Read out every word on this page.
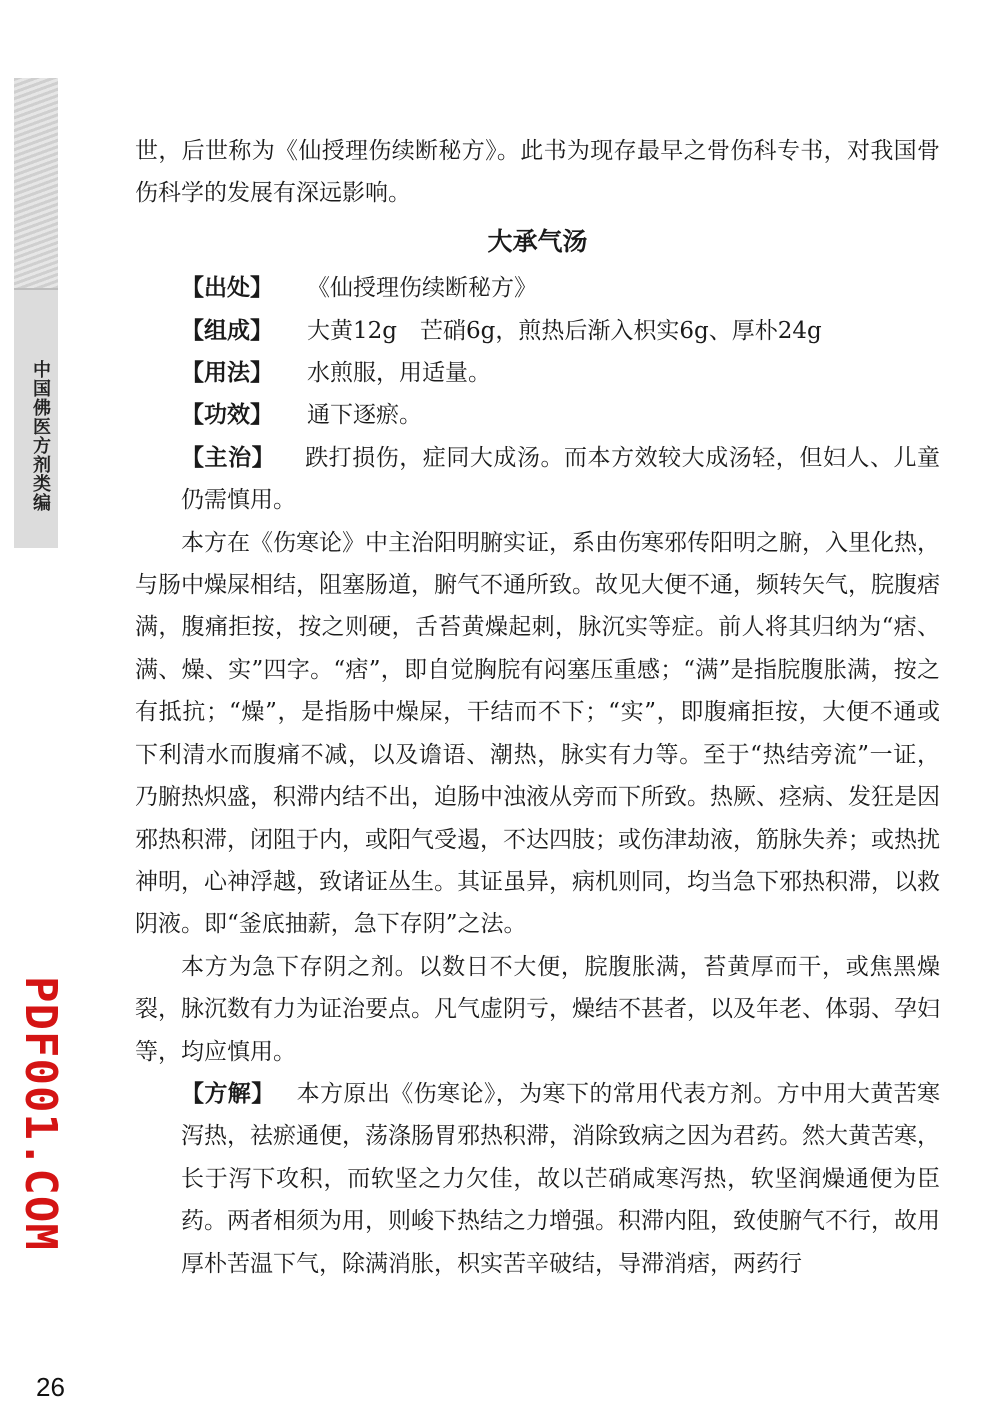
中国佛医方剂类编
PDF001.COM

世，后世称为《仙授理伤续断秘方》。此书为现存最早之骨伤科专书，对我国骨伤科学的发展有深远影响。

大承气汤

【出处】	《仙授理伤续断秘方》

【组成】	大黄12g　芒硝6g，煎热后渐入枳实6g、厚朴24g

【用法】	水煎服，用适量。

【功效】	通下逐瘀。

【主治】 跌打损伤，症同大成汤。而本方效较大成汤轻，但妇人、儿童仍需慎用。

本方在《伤寒论》中主治阳明腑实证，系由伤寒邪传阳明之腑，入里化热，与肠中燥屎相结，阻塞肠道，腑气不通所致。故见大便不通，频转矢气，脘腹痞满，腹痛拒按，按之则硬，舌苔黄燥起刺，脉沉实等症。前人将其归纳为“痞、满、燥、实”四字。“痞”，即自觉胸脘有闷塞压重感；“满”是指脘腹胀满，按之有抵抗；“燥”，是指肠中燥屎，干结而不下；“实”，即腹痛拒按，大便不通或下利清水而腹痛不减，以及谵语、潮热，脉实有力等。至于“热结旁流”一证，乃腑热炽盛，积滞内结不出，迫肠中浊液从旁而下所致。热厥、痉病、发狂是因邪热积滞，闭阻于内，或阳气受遏，不达四肢；或伤津劫液，筋脉失养；或热扰神明，心神浮越，致诸证丛生。其证虽异，病机则同，均当急下邪热积滞，以救阴液。即“釜底抽薪，急下存阴”之法。

本方为急下存阴之剂。以数日不大便，脘腹胀满，苔黄厚而干，或焦黑燥裂，脉沉数有力为证治要点。凡气虚阴亏，燥结不甚者，以及年老、体弱、孕妇等，均应慎用。

【方解】 本方原出《伤寒论》，为寒下的常用代表方剂。方中用大黄苦寒泻热，祛瘀通便，荡涤肠胃邪热积滞，消除致病之因为君药。然大黄苦寒，长于泻下攻积，而软坚之力欠佳，故以芒硝咸寒泻热，软坚润燥通便为臣药。两者相须为用，则峻下热结之力增强。积滞内阻，致使腑气不行，故用厚朴苦温下气，除满消胀，枳实苦辛破结，导滞消痞，两药行

26
